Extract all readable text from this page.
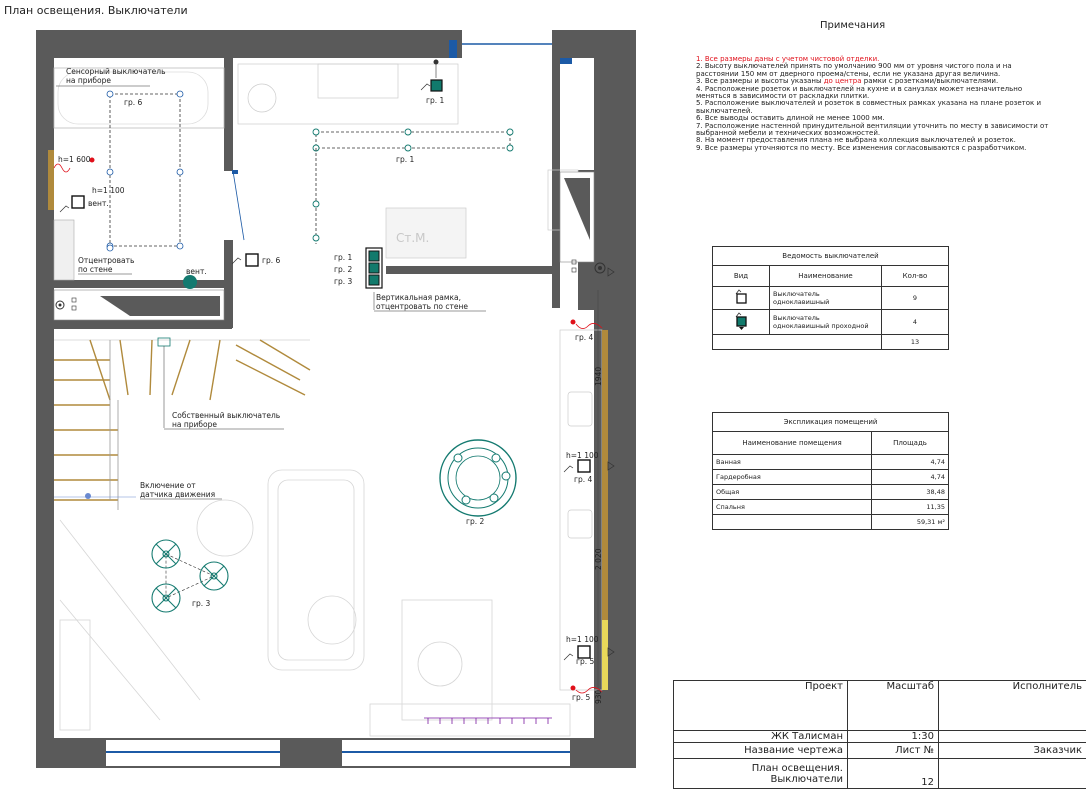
План освещения. Выключатели
Ст.М.
гр. 6
Сенсорный выключатель
на приборе
гр. 1
гр. 1
h=1 600
h=1 100
вент.
Отцентровать
по стене	вент.
гр. 6	гр. 1
гр. 2
гр. 3
Вертикальная рамка,
отцентровать по стене
гр. 4
1940
2 020
930
h=1 100
гр. 4
h=1 100
гр. 5
гр. 5
Собственный выключатель
на приборе
Включение от
датчика движения
гр. 2
гр. 3
Примечания

1. Все размеры даны с учетом чистовой отделки.

2. Высоту выключателей принять по умолчанию 900 мм от уровня чистого пола и на расстоянии 150 мм от дверного проема/стены, если не указана другая величина.

3. Все размеры и высоты указаны до центра рамки с розетками/выключателями.

4. Расположение розеток и выключателей на кухне и в санузлах может незначительно меняться в зависимости от раскладки плитки.

5. Расположение выключателей и розеток в совместных рамках указана на плане розеток и выключателей.

6. Все выводы оставить длиной не менее 1000 мм.

7. Расположение настенной принудительной вентиляции уточнить по месту в зависимости от выбранной мебели и технических возможностей.

8. На момент предоставления плана не выбрана коллекция выключателей и розеток.

9. Все размеры уточняются по месту. Все изменения согласовываются с разработчиком.

Ведомость выключателей		
Вид	Наименование	Кол-во
	Выключатель
одноклавишный	9
	Выключатель
одноклавишный проходной	4
		13
Экспликация помещений	
Наименование помещения	Площадь
Ванная	4,74
Гардеробная	4,74
Общая	38,48
Спальня	11,35
	59,31 м²
Проект	Масштаб	Исполнитель
ЖК Талисман	1:30	
Название чертежа	Лист №	Заказчик
План освещения.
Выключатели	12	
